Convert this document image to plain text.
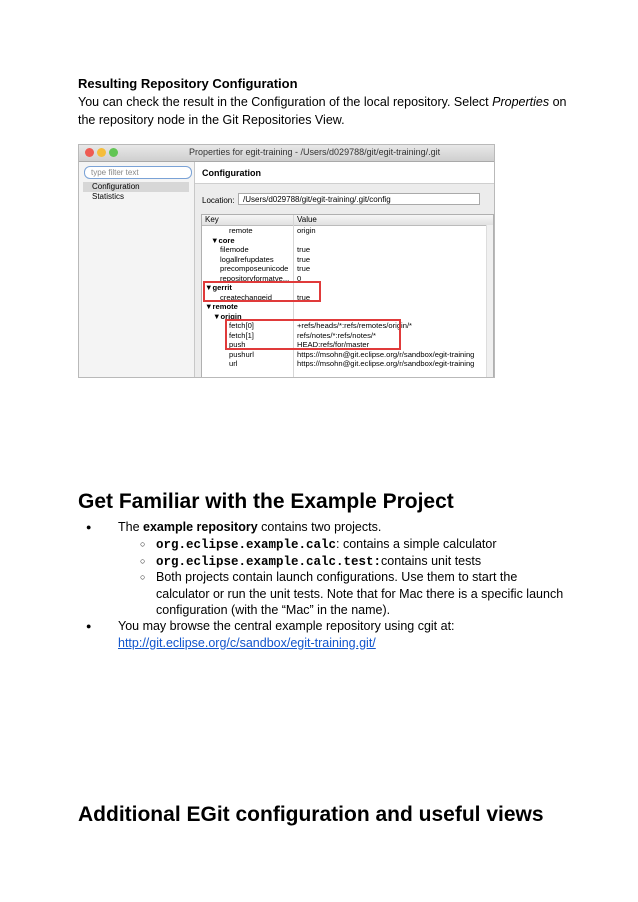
Resulting Repository Configuration
You can check the result in the Configuration of the local repository. Select Properties on the repository node in the Git Repositories View.
Properties for egit-training - /Users/d029788/git/egit-training/.git
type filter text
Configuration
Statistics
Configuration
Location:	/Users/d029788/git/egit-training/.git/config
Key	Value
remote	origin
▼core
filemode	true
logallrefupdates	true
precomposeunicode true
repositoryformatve... 0
▼gerrit
createchangeid	true
▼remote
▼origin
fetch[0]	+refs/heads/*:refs/remotes/origin/*
fetch[1]	refs/notes/*:refs/notes/*
push	HEAD:refs/for/master
pushurl	https://msohn@git.eclipse.org/r/sandbox/egit-training
url	https://msohn@git.eclipse.org/r/sandbox/egit-training
Get Familiar with the Example Project
● The example repository contains two projects.
○ org.eclipse.example.calc: contains a simple calculator
○ org.eclipse.example.calc.test:contains unit tests
○ Both projects contain launch configurations. Use them to start the calculator or run the unit tests. Note that for Mac there is a specific launch configuration (with the “Mac” in the name).
● You may browse the central example repository using cgit at:
http://git.eclipse.org/c/sandbox/egit-training.git/
Additional EGit configuration and useful views
